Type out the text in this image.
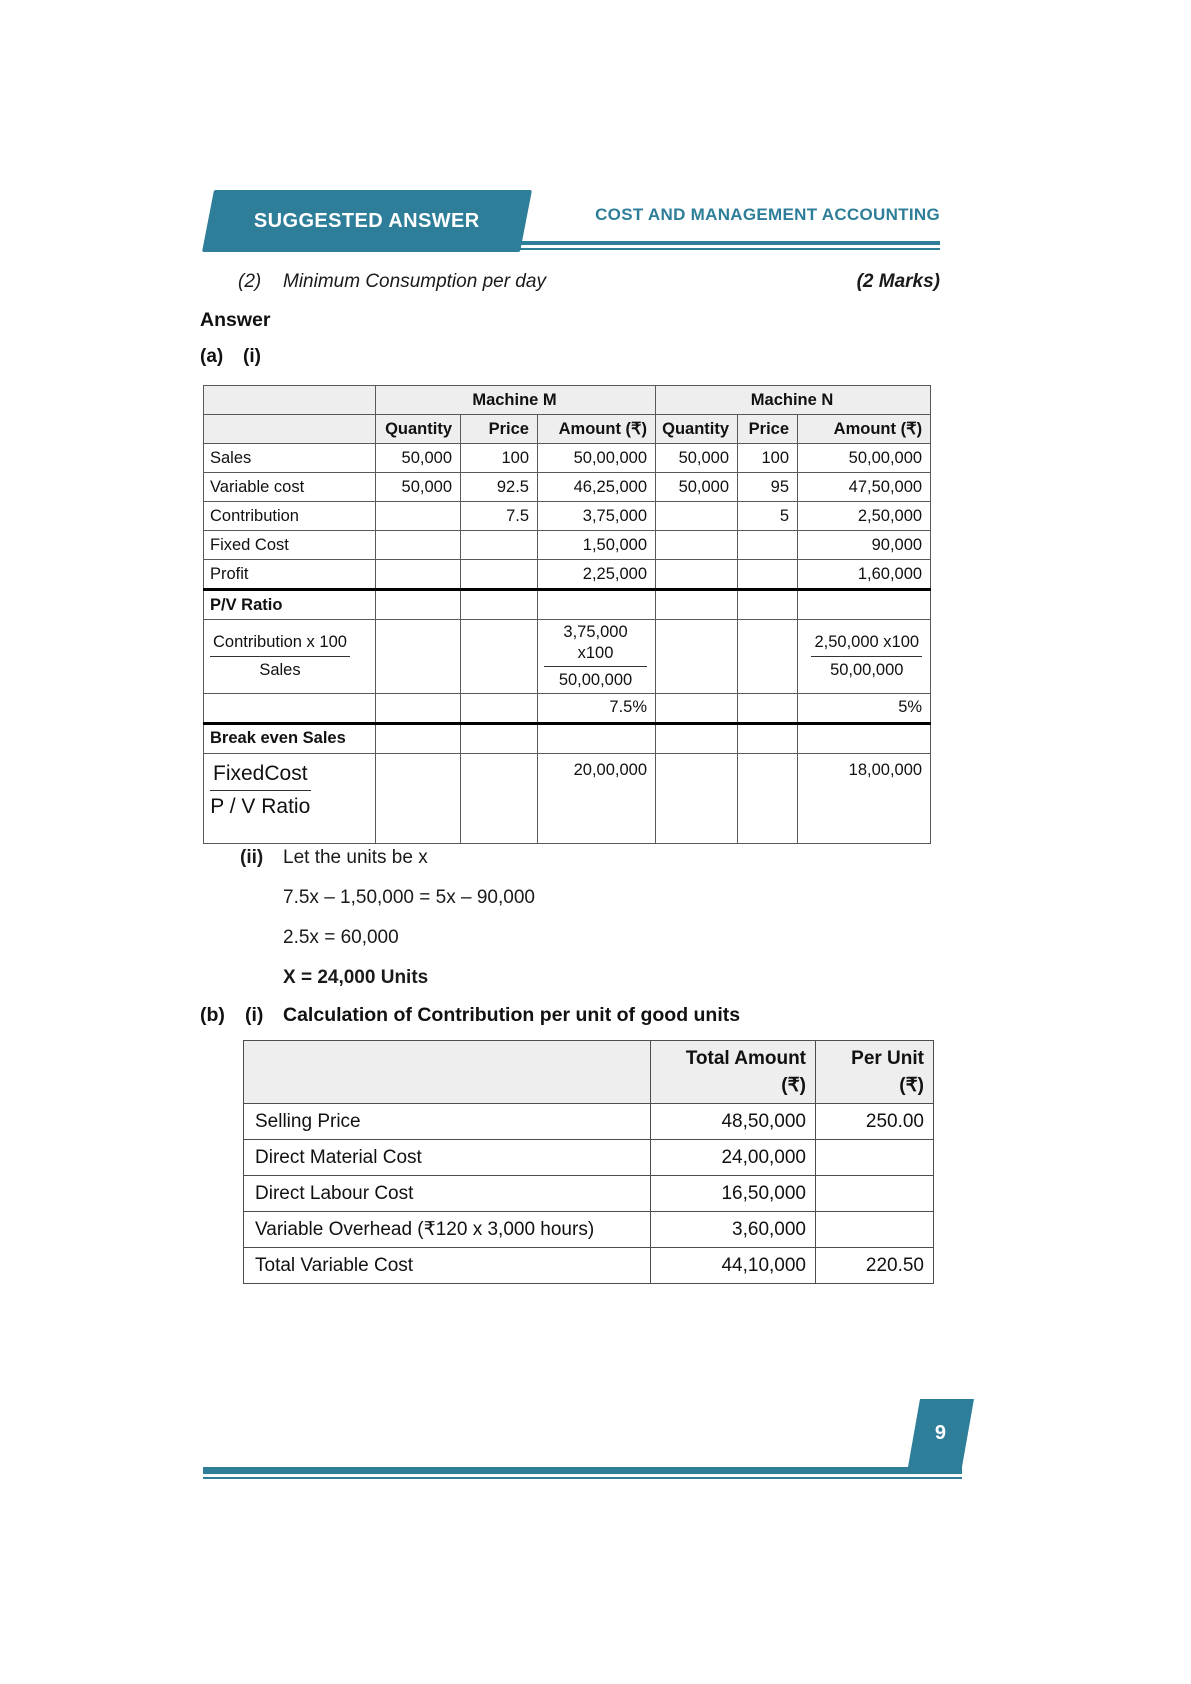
SUGGESTED ANSWER	COST AND MANAGEMENT ACCOUNTING
(2)	Minimum Consumption per day	(2 Marks)
Answer
(a)	(i)
	Machine M			Machine N		
	Quantity	Price	Amount (₹)	Quantity	Price	Amount (₹)
Sales	50,000	100	50,00,000	50,000	100	50,00,000
Variable cost	50,000	92.5	46,25,000	50,000	95	47,50,000
Contribution		7.5	3,75,000		5	2,50,000
Fixed Cost			1,50,000			90,000
Profit			2,25,000			1,60,000
P/V Ratio						

$\frac{\text{Contribution x 100}}{\text{Sales}}$			$\frac{3,75,000 x100}{50,00,000}$			$\frac{2,50,000 x100}{50,00,000}$

			7.5%			5%
Break even Sales						

$\frac{\text{FixedCost}}{\text{P / V Ratio}}$			20,00,000			18,00,000
(ii)	Let the units be x
7.5x – 1,50,000 = 5x – 90,000
2.5x = 60,000
X = 24,000 Units
(b)	(i)	Calculation of Contribution per unit of good units

Total Amount
(₹)

Per Unit
(₹)

Selling Price	48,50,000	250.00
Direct Material Cost	24,00,000	
Direct Labour Cost	16,50,000	
Variable Overhead (₹120 x 3,000 hours)	3,60,000	
Total Variable Cost	44,10,000	220.50
9
